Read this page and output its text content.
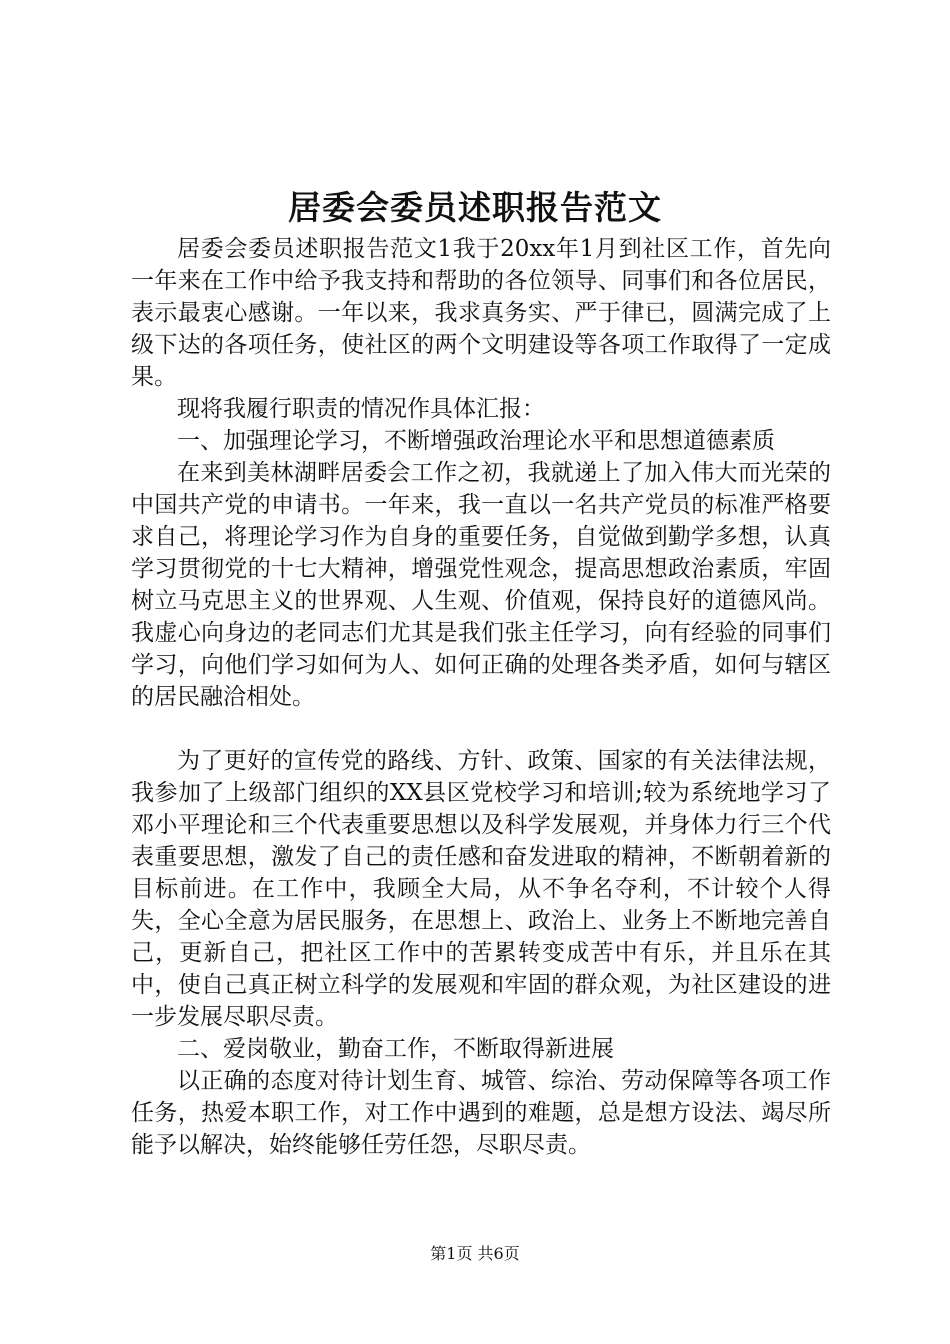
居委会委员述职报告范文

居委会委员述职报告范文1我于20xx年1月到社区工作，首先向一年来在工作中给予我支持和帮助的各位领导、同事们和各位居民，表示最衷心感谢。一年以来，我求真务实、严于律已，圆满完成了上级下达的各项任务，使社区的两个文明建设等各项工作取得了一定成果。

现将我履行职责的情况作具体汇报：

一、加强理论学习，不断增强政治理论水平和思想道德素质

在来到美林湖畔居委会工作之初，我就递上了加入伟大而光荣的中国共产党的申请书。一年来，我一直以一名共产党员的标准严格要求自己，将理论学习作为自身的重要任务，自觉做到勤学多想，认真学习贯彻党的十七大精神，增强党性观念，提高思想政治素质，牢固树立马克思主义的世界观、人生观、价值观，保持良好的道德风尚。我虚心向身边的老同志们尤其是我们张主任学习，向有经验的同事们学习，向他们学习如何为人、如何正确的处理各类矛盾，如何与辖区的居民融洽相处。

为了更好的宣传党的路线、方针、政策、国家的有关法律法规，我参加了上级部门组织的XX县区党校学习和培训;较为系统地学习了邓小平理论和三个代表重要思想以及科学发展观，并身体力行三个代表重要思想，激发了自己的责任感和奋发进取的精神，不断朝着新的目标前进。在工作中，我顾全大局，从不争名夺利，不计较个人得失，全心全意为居民服务，在思想上、政治上、业务上不断地完善自己，更新自己，把社区工作中的苦累转变成苦中有乐，并且乐在其中，使自己真正树立科学的发展观和牢固的群众观，为社区建设的进一步发展尽职尽责。

二、爱岗敬业，勤奋工作，不断取得新进展

以正确的态度对待计划生育、城管、综治、劳动保障等各项工作任务，热爱本职工作，对工作中遇到的难题，总是想方设法、竭尽所能予以解决，始终能够任劳任怨，尽职尽责。

第1页 共6页
